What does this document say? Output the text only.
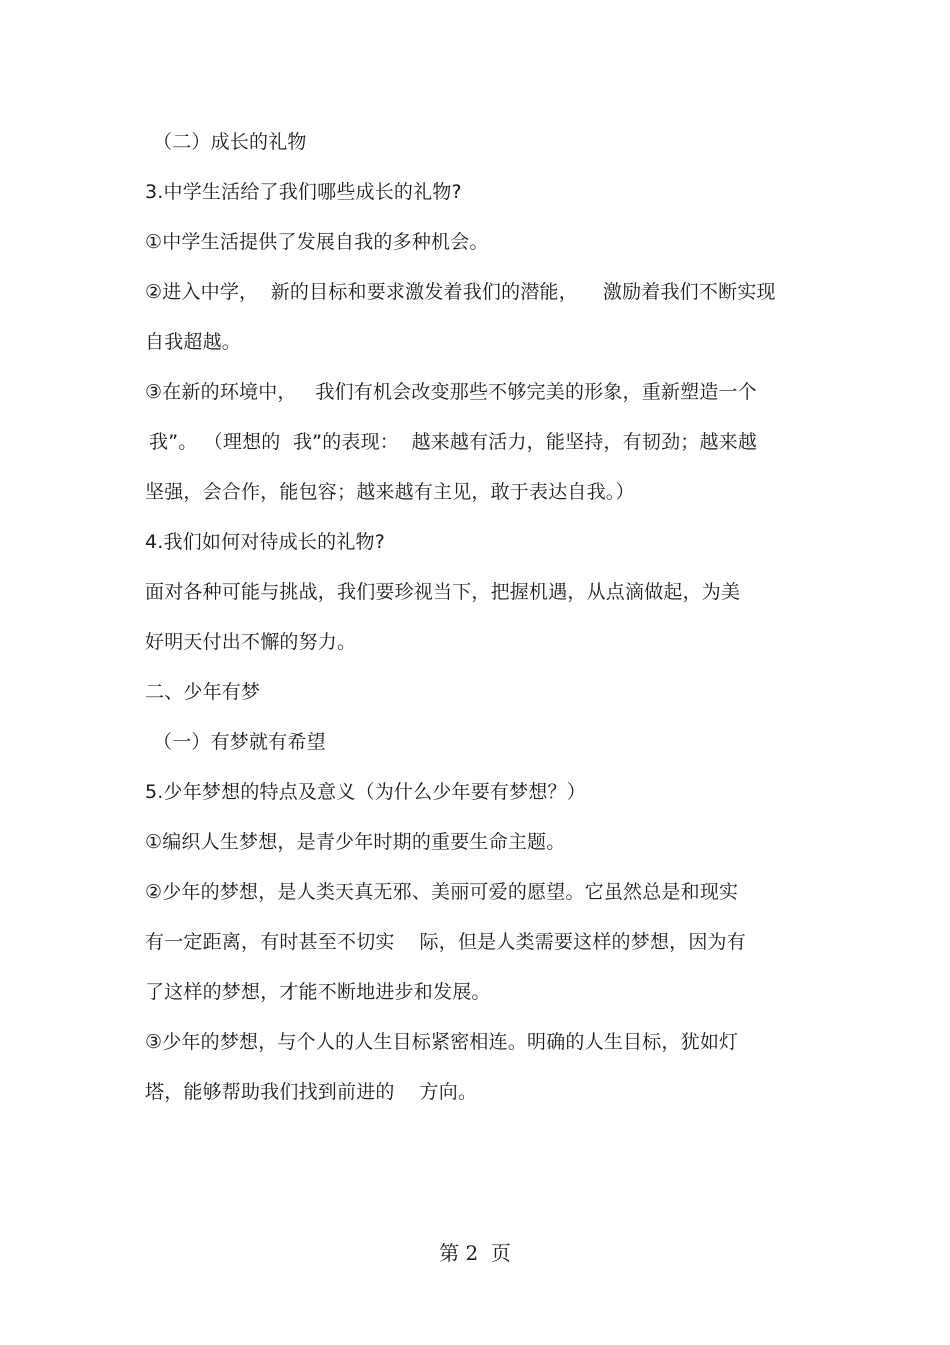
（二）成长的礼物
3.中学生活给了我们哪些成长的礼物?
①中学生活提供了发展自我的多种机会。
②进入中学，  新的目标和要求激发着我们的潜能，    激励着我们不断实现
自我超越。
③在新的环境中，   我们有机会改变那些不够完美的形象，重新塑造一个
我”。 （理想的  我”的表现：  越来越有活力，能坚持，有韧劲；越来越
坚强，会合作，能包容；越来越有主见，敢于表达自我。）
4.我们如何对待成长的礼物?
面对各种可能与挑战，我们要珍视当下，把握机遇，从点滴做起，为美
好明天付出不懈的努力。
二、少年有梦
（一）有梦就有希望
5.少年梦想的特点及意义（为什么少年要有梦想？）
①编织人生梦想，是青少年时期的重要生命主题。
②少年的梦想，是人类天真无邪、美丽可爱的愿望。它虽然总是和现实
有一定距离，有时甚至不切实    际，但是人类需要这样的梦想，因为有
了这样的梦想，才能不断地进步和发展。
③少年的梦想，与个人的人生目标紧密相连。明确的人生目标，犹如灯
塔，能够帮助我们找到前进的    方向。
第 2  页
